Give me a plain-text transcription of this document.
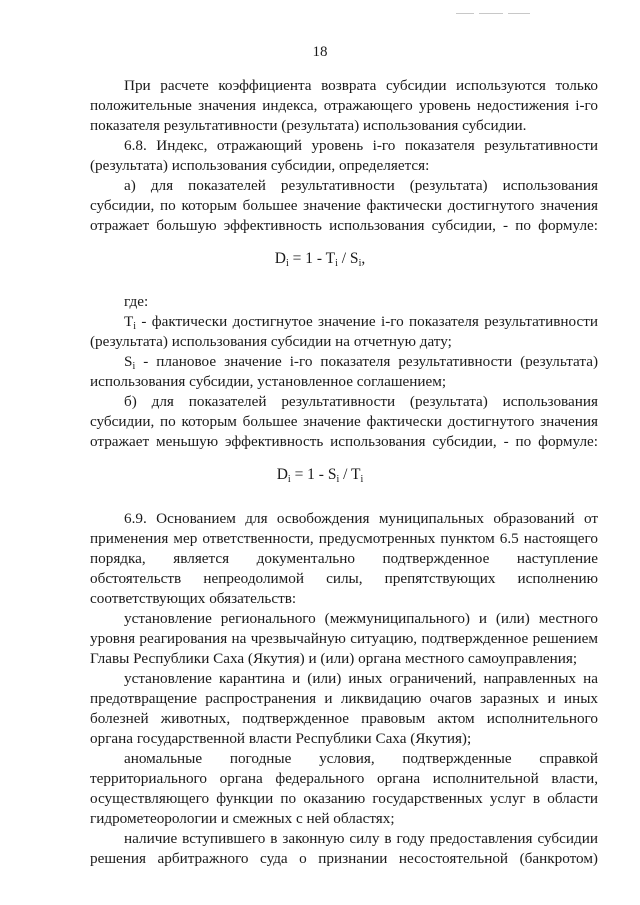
18
При расчете коэффициента возврата субсидии используются только
положительные значения индекса, отражающего уровень недостижения i-го
показателя результативности (результата) использования субсидии.
6.8. Индекс, отражающий уровень i-го показателя результативности
(результата) использования субсидии, определяется:
а) для показателей результативности (результата) использования
субсидии, по которым большее значение фактически достигнутого значения
отражает большую эффективность использования субсидии, - по формуле:
где:
$T_i$ - фактически достигнутое значение i-го показателя результативности
(результата) использования субсидии на отчетную дату;
$S_i$ - плановое значение i-го показателя результативности (результата)
использования субсидии, установленное соглашением;
б) для показателей результативности (результата) использования
субсидии, по которым большее значение фактически достигнутого значения
отражает меньшую эффективность использования субсидии, - по формуле:
6.9. Основанием для освобождения муниципальных образований от
применения мер ответственности, предусмотренных пунктом 6.5 настоящего
порядка, является документально подтвержденное наступление
обстоятельств непреодолимой силы, препятствующих исполнению
соответствующих обязательств:
установление регионального (межмуниципального) и (или) местного
уровня реагирования на чрезвычайную ситуацию, подтвержденное решением
Главы Республики Саха (Якутия) и (или) органа местного самоуправления;
установление карантина и (или) иных ограничений, направленных на
предотвращение распространения и ликвидацию очагов заразных и иных
болезней животных, подтвержденное правовым актом исполнительного
органа государственной власти Республики Саха (Якутия);
аномальные погодные условия, подтвержденные справкой
территориального органа федерального органа исполнительной власти,
осуществляющего функции по оказанию государственных услуг в области
гидрометеорологии и смежных с ней областях;
наличие вступившего в законную силу в году предоставления субсидии
решения арбитражного суда о признании несостоятельной (банкротом)
$D_i = 1 - T_i / S_i$,
$D_i = 1 - S_i / T_i$
